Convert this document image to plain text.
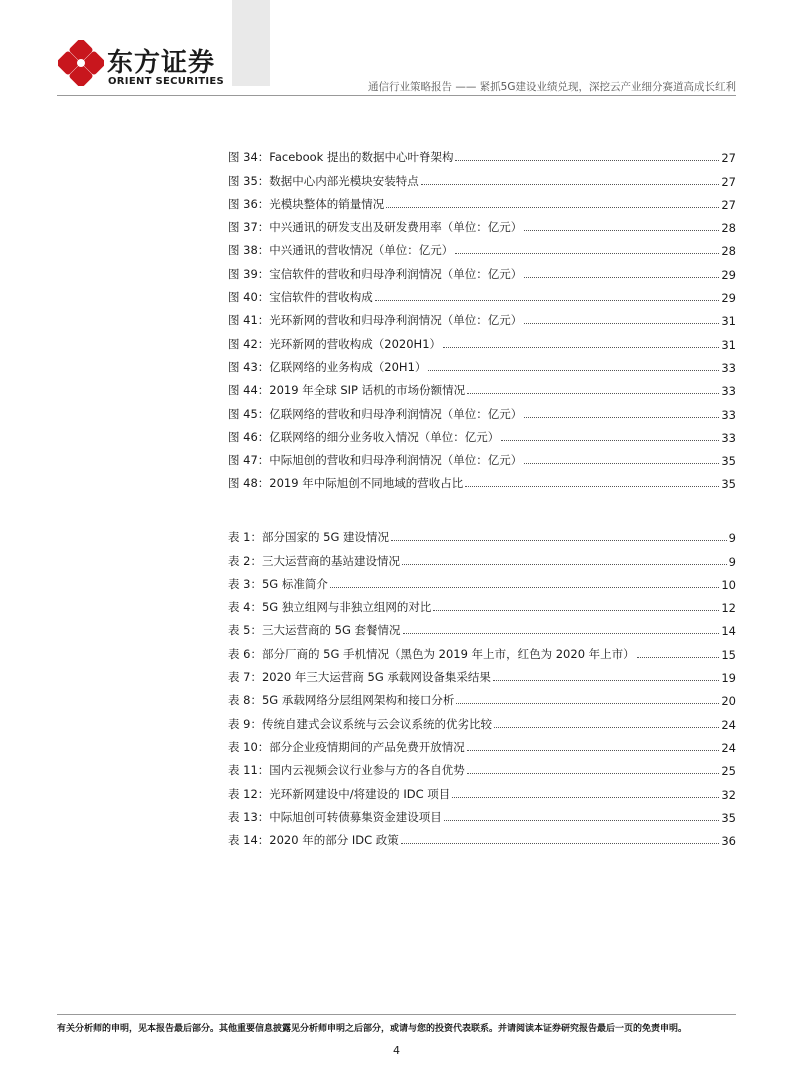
东方证券
ORIENT SECURITIES	通信行业策略报告 —— 紧抓5G建设业绩兑现，深挖云产业细分赛道高成长红利
图 34：Facebook 提出的数据中心叶脊架构	27
图 35：数据中心内部光模块安装特点	27
图 36：光模块整体的销量情况	27
图 37：中兴通讯的研发支出及研发费用率（单位：亿元）	28
图 38：中兴通讯的营收情况（单位：亿元）	28
图 39：宝信软件的营收和归母净利润情况（单位：亿元）	29
图 40：宝信软件的营收构成	29
图 41：光环新网的营收和归母净利润情况（单位：亿元）	31
图 42：光环新网的营收构成（2020H1）	31
图 43：亿联网络的业务构成（20H1）	33
图 44：2019 年全球 SIP 话机的市场份额情况	33
图 45：亿联网络的营收和归母净利润情况（单位：亿元）	33
图 46：亿联网络的细分业务收入情况（单位：亿元）	33
图 47：中际旭创的营收和归母净利润情况（单位：亿元）	35
图 48：2019 年中际旭创不同地域的营收占比	35
表 1：部分国家的 5G 建设情况	9
表 2：三大运营商的基站建设情况	9
表 3：5G 标准简介	10
表 4：5G 独立组网与非独立组网的对比	12
表 5：三大运营商的 5G 套餐情况	14
表 6：部分厂商的 5G 手机情况（黑色为 2019 年上市，红色为 2020 年上市）	15
表 7：2020 年三大运营商 5G 承载网设备集采结果	19
表 8：5G 承载网络分层组网架构和接口分析	20
表 9：传统自建式会议系统与云会议系统的优劣比较	24
表 10：部分企业疫情期间的产品免费开放情况	24
表 11：国内云视频会议行业参与方的各自优势	25
表 12：光环新网建设中/将建设的 IDC 项目	32
表 13：中际旭创可转债募集资金建设项目	35
表 14：2020 年的部分 IDC 政策	36
有关分析师的申明，见本报告最后部分。其他重要信息披露见分析师申明之后部分，或请与您的投资代表联系。并请阅读本证券研究报告最后一页的免责申明。
4
